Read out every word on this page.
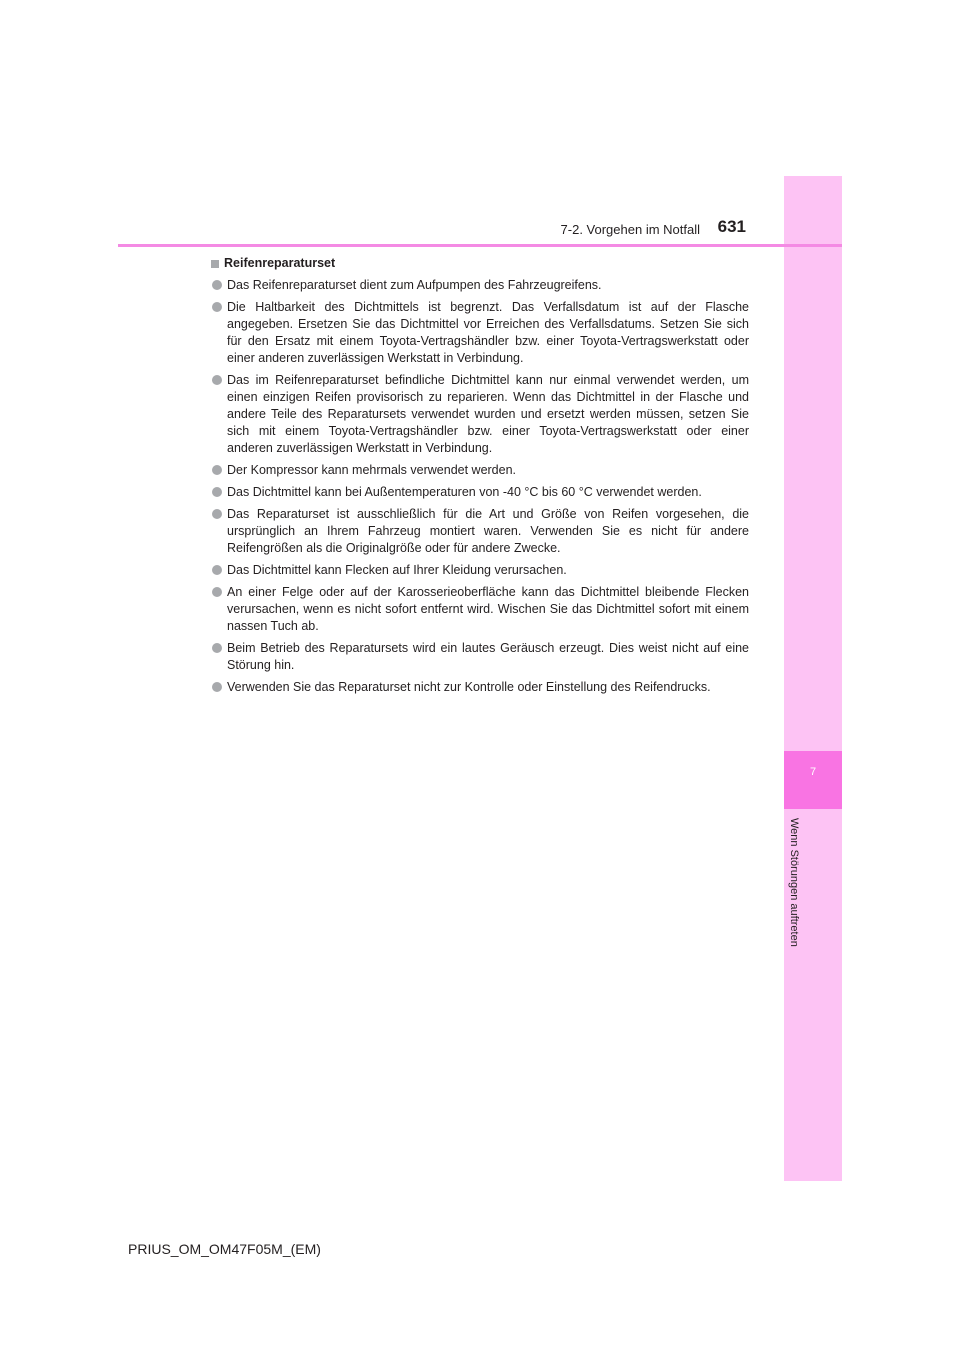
7
Wenn Störungen auftreten
7-2. Vorgehen im Notfall	631
Reifenreparaturset
Das Reifenreparaturset dient zum Aufpumpen des Fahrzeugreifens.
Die Haltbarkeit des Dichtmittels ist begrenzt. Das Verfallsdatum ist auf der Flasche angegeben. Ersetzen Sie das Dichtmittel vor Erreichen des Verfallsdatums. Setzen Sie sich für den Ersatz mit einem Toyota-Vertragshändler bzw. einer Toyota-Vertragswerkstatt oder einer anderen zuverlässigen Werkstatt in Verbindung.
Das im Reifenreparaturset befindliche Dichtmittel kann nur einmal verwendet werden, um einen einzigen Reifen provisorisch zu reparieren. Wenn das Dichtmittel in der Flasche und andere Teile des Reparatursets verwendet wurden und ersetzt werden müssen, setzen Sie sich mit einem Toyota-Vertragshändler bzw. einer Toyota-Vertragswerkstatt oder einer anderen zuverlässigen Werkstatt in Verbindung.
Der Kompressor kann mehrmals verwendet werden.
Das Dichtmittel kann bei Außentemperaturen von -40 °C bis 60 °C verwendet werden.
Das Reparaturset ist ausschließlich für die Art und Größe von Reifen vorgesehen, die ursprünglich an Ihrem Fahrzeug montiert waren. Verwenden Sie es nicht für andere Reifengrößen als die Originalgröße oder für andere Zwecke.
Das Dichtmittel kann Flecken auf Ihrer Kleidung verursachen.
An einer Felge oder auf der Karosserieoberfläche kann das Dichtmittel bleibende Flecken verursachen, wenn es nicht sofort entfernt wird. Wischen Sie das Dichtmittel sofort mit einem nassen Tuch ab.
Beim Betrieb des Reparatursets wird ein lautes Geräusch erzeugt. Dies weist nicht auf eine Störung hin.
Verwenden Sie das Reparaturset nicht zur Kontrolle oder Einstellung des Reifendrucks.
PRIUS_OM_OM47F05M_(EM)
